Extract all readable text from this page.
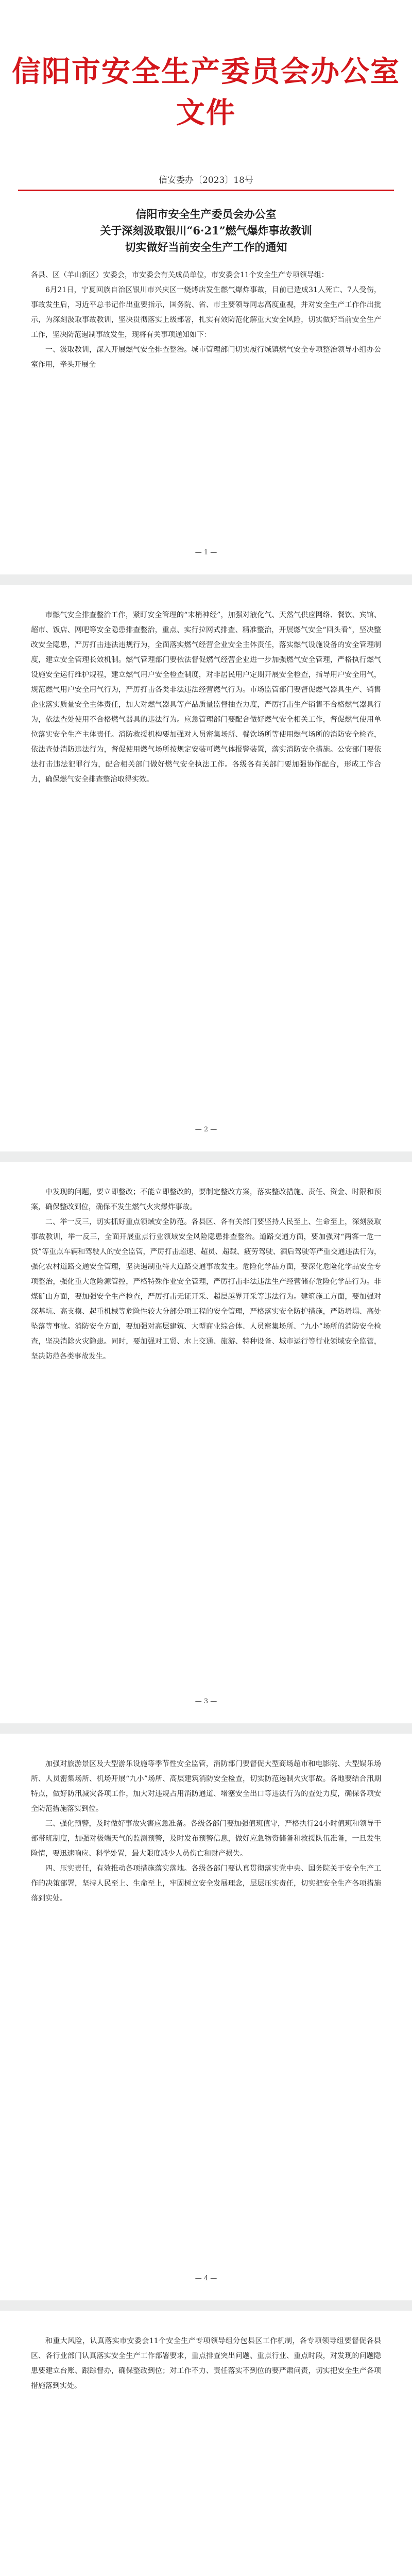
信阳市安全生产委员会办公室文件
信安委办〔2023〕18号
信阳市安全生产委员会办公室
关于深刻汲取银川“6·21”燃气爆炸事故教训
切实做好当前安全生产工作的通知

各县、区（羊山新区）安委会，市安委会有关成员单位，市安委会11个安全生产专项领导组：

6月21日，宁夏回族自治区银川市兴庆区一烧烤店发生燃气爆炸事故，目前已造成31人死亡、7人受伤，事故发生后，习近平总书记作出重要指示，国务院、省、市主要领导同志高度重视，并对安全生产工作作出批示，为深刻汲取事故教训，坚决贯彻落实上级部署，扎实有效防范化解重大安全风险，切实做好当前安全生产工作，坚决防范遏制事故发生，现将有关事项通知如下：

一、汲取教训，深入开展燃气安全排查整治。城市管理部门切实履行城镇燃气安全专项整治领导小组办公室作用，牵头开展全

— 1 —

市燃气安全排查整治工作，紧盯安全管理的“末梢神经”，加强对液化气、天然气供应网络、餐饮、宾馆、超市、饭店、网吧等安全隐患排查整治，重点、实行拉网式排查、精准整治，开展燃气安全“回头看”，坚决整改安全隐患，严厉打击违法违规行为，全面落实燃气经营企业安全主体责任，落实燃气设施设备的安全管理制度，建立安全管理长效机制。燃气管理部门要依法督促燃气经营企业进一步加强燃气安全管理，严格执行燃气设施安全运行维护规程，建立燃气用户安全检查制度，对非居民用户定期开展安全检查，指导用户安全用气，规范燃气用户安全用气行为，严厉打击各类非法违法经营燃气行为。市场监管部门要督促燃气器具生产、销售企业落实质量安全主体责任，加大对燃气器具等产品质量监督抽查力度，严厉打击生产销售不合格燃气器具行为，依法查处使用不合格燃气器具的违法行为。应急管理部门要配合做好燃气安全相关工作，督促燃气使用单位落实安全生产主体责任。消防救援机构要加强对人员密集场所、餐饮场所等使用燃气场所的消防安全检查，依法查处消防违法行为，督促使用燃气场所按规定安装可燃气体报警装置，落实消防安全措施。公安部门要依法打击违法犯罪行为，配合相关部门做好燃气安全执法工作。各级各有关部门要加强协作配合，形成工作合力，确保燃气安全排查整治取得实效。

— 2 —

中发现的问题，要立即整改；不能立即整改的，要制定整改方案，落实整改措施、责任、资金、时限和预案，确保整改到位，确保不发生燃气火灾爆炸事故。

二、举一反三，切实抓好重点领域安全防范。各县区、各有关部门要坚持人民至上、生命至上，深刻汲取事故教训，举一反三，全面开展重点行业领域安全风险隐患排查整治。道路交通方面，要加强对“两客一危一货”等重点车辆和驾驶人的安全监管，严厉打击超速、超员、超载、疲劳驾驶、酒后驾驶等严重交通违法行为，强化农村道路交通安全管理，坚决遏制重特大道路交通事故发生。危险化学品方面，要深化危险化学品安全专项整治，强化重大危险源管控，严格特殊作业安全管理，严厉打击非法违法生产经营储存危险化学品行为。非煤矿山方面，要加强安全生产检查，严厉打击无证开采、超层越界开采等违法行为。建筑施工方面，要加强对深基坑、高支模、起重机械等危险性较大分部分项工程的安全管理，严格落实安全防护措施，严防坍塌、高处坠落等事故。消防安全方面，要加强对高层建筑、大型商业综合体、人员密集场所、“九小”场所的消防安全检查，坚决消除火灾隐患。同时，要加强对工贸、水上交通、旅游、特种设备、城市运行等行业领域安全监管，坚决防范各类事故发生。

— 3 —

加强对旅游景区及大型游乐设施等季节性安全监管，消防部门要督促大型商场超市和电影院、大型娱乐场所、人员密集场所、机场开展“九小”场所、高层建筑消防安全检查，切实防范遏制火灾事故。各地要结合汛期特点，做好防汛减灾各项工作，加大对违规占用消防通道、堵塞安全出口等违法行为的查处力度，确保各项安全防范措施落实到位。

三、强化预警，及时做好事故灾害应急准备。各级各部门要加强值班值守，严格执行24小时值班和领导干部带班制度，加强对极端天气的监测预警，及时发布预警信息，做好应急物资储备和救援队伍准备，一旦发生险情，要迅速响应、科学处置，最大限度减少人员伤亡和财产损失。

四、压实责任，有效推动各项措施落实落地。各级各部门要认真贯彻落实党中央、国务院关于安全生产工作的决策部署，坚持人民至上、生命至上，牢固树立安全发展理念，层层压实责任，切实把安全生产各项措施落到实处。

— 4 —

和重大风险，认真落实市安委会11个安全生产专项领导组分包县区工作机制，各专项领导组要督促各县区、各行业部门认真落实安全生产工作部署要求，重点排查突出问题、重点行业、重点时段，对发现的问题隐患要建立台账、跟踪督办，确保整改到位；对工作不力、责任落实不到位的要严肃问责，切实把安全生产各项措施落到实处。
